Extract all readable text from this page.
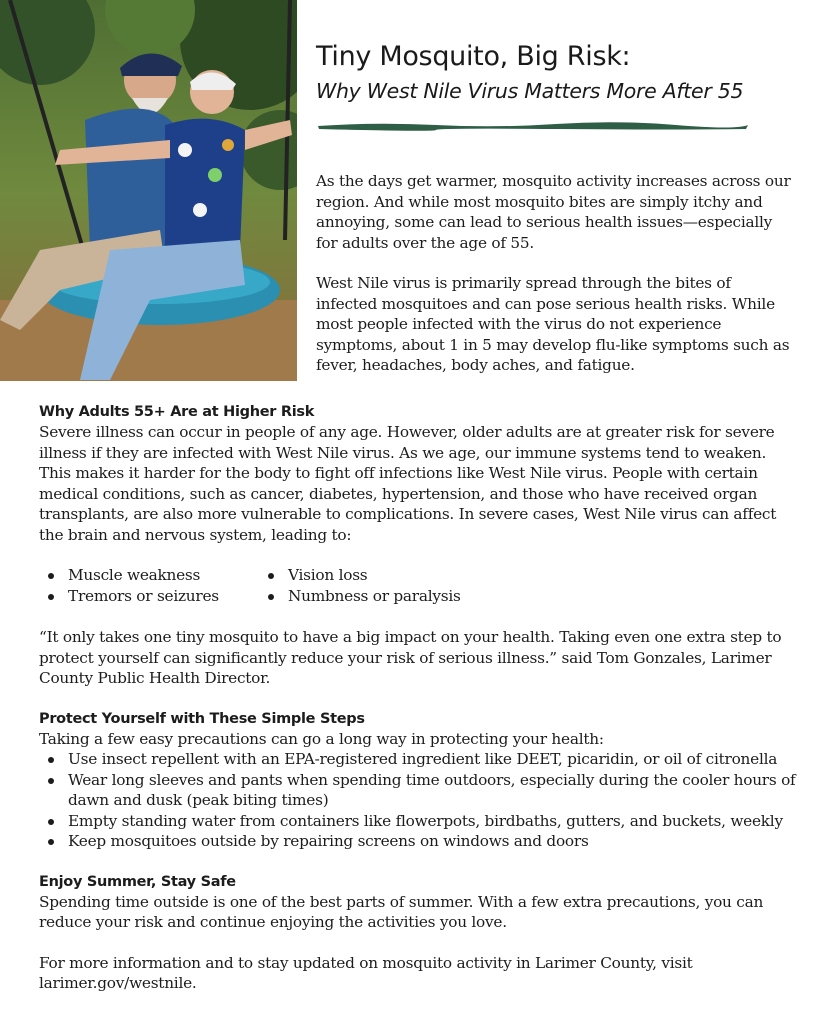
Tiny Mosquito, Big Risk:
Why West Nile Virus Matters More After 55

As the days get warmer, mosquito activity increases across our region. And while most mosquito bites are simply itchy and annoying, some can lead to serious health issues—especially for adults over the age of 55.

West Nile virus is primarily spread through the bites of infected mosquitoes and can pose serious health risks. While most people infected with the virus do not experience symptoms, about 1 in 5 may develop flu-like symptoms such as fever, headaches, body aches, and fatigue.

Why Adults 55+ Are at Higher Risk

Severe illness can occur in people of any age. However, older adults are at greater risk for severe illness if they are infected with West Nile virus. As we age, our immune systems tend to weaken. This makes it harder for the body to fight off infections like West Nile virus. People with certain medical conditions, such as cancer, diabetes, hypertension, and those who have received organ transplants, are also more vulnerable to complications. In severe cases, West Nile virus can affect the brain and nervous system, leading to:

Muscle weakness	Vision loss
Tremors or seizures	Numbness or paralysis

“It only takes one tiny mosquito to have a big impact on your health. Taking even one extra step to protect yourself can significantly reduce your risk of serious illness.” said Tom Gonzales, Larimer County Public Health Director.

Protect Yourself with These Simple Steps

Taking a few easy precautions can go a long way in protecting your health:

Use insect repellent with an EPA-registered ingredient like DEET, picaridin, or oil of citronella
Wear long sleeves and pants when spending time outdoors, especially during the cooler hours of dawn and dusk (peak biting times)
Empty standing water from containers like flowerpots, birdbaths, gutters, and buckets, weekly
Keep mosquitoes outside by repairing screens on windows and doors
Enjoy Summer, Stay Safe

Spending time outside is one of the best parts of summer. With a few extra precautions, you can reduce your risk and continue enjoying the activities you love.

For more information and to stay updated on mosquito activity in Larimer County, visit larimer.gov/westnile.
